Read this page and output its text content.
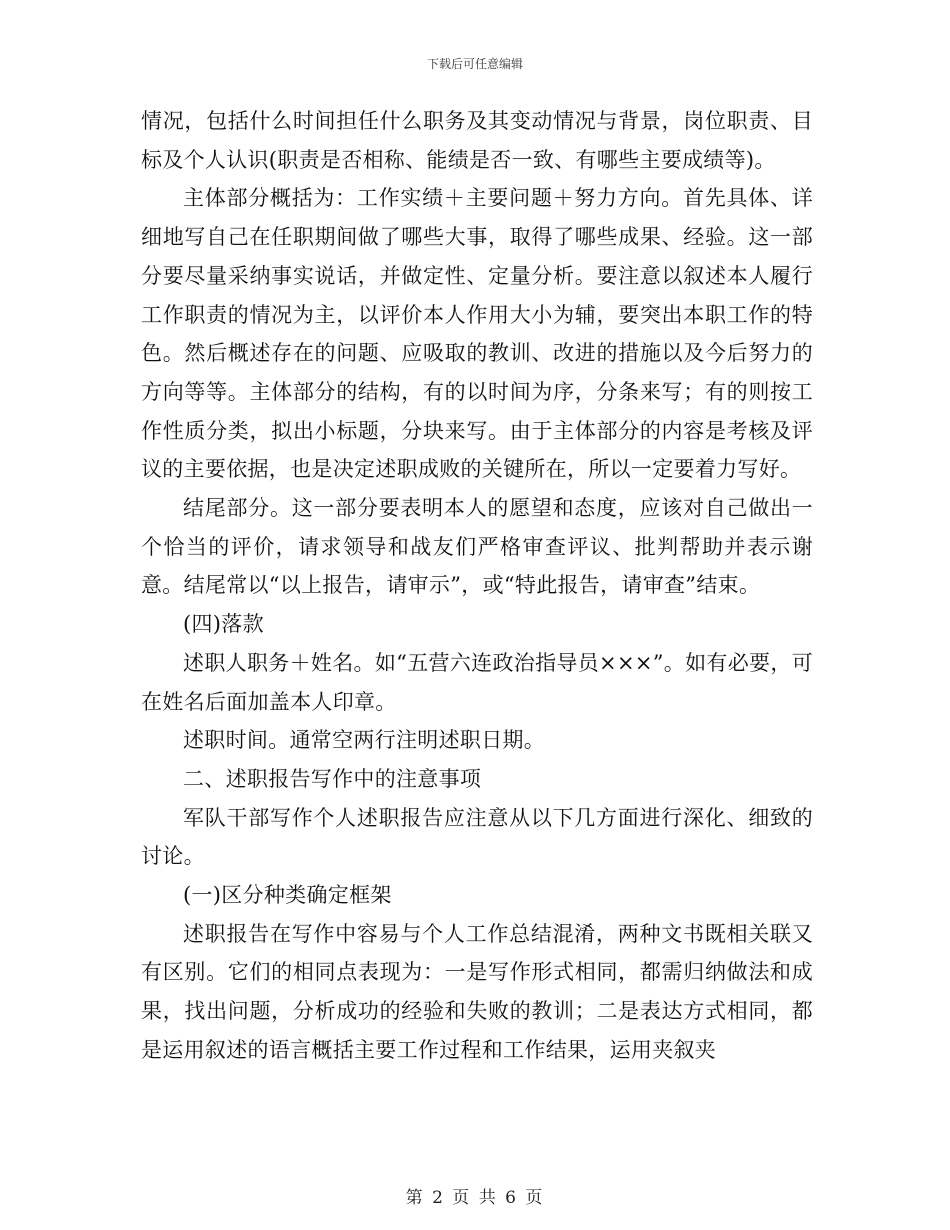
下载后可任意编辑

情况，包括什么时间担任什么职务及其变动情况与背景，岗位职责、目标及个人认识(职责是否相称、能绩是否一致、有哪些主要成绩等)。

主体部分概括为：工作实绩＋主要问题＋努力方向。首先具体、详细地写自己在任职期间做了哪些大事，取得了哪些成果、经验。这一部分要尽量采纳事实说话，并做定性、定量分析。要注意以叙述本人履行工作职责的情况为主，以评价本人作用大小为辅，要突出本职工作的特色。然后概述存在的问题、应吸取的教训、改进的措施以及今后努力的方向等等。主体部分的结构，有的以时间为序，分条来写；有的则按工作性质分类，拟出小标题，分块来写。由于主体部分的内容是考核及评议的主要依据，也是决定述职成败的关键所在，所以一定要着力写好。

结尾部分。这一部分要表明本人的愿望和态度，应该对自己做出一个恰当的评价，请求领导和战友们严格审查评议、批判帮助并表示谢意。结尾常以“以上报告，请审示”，或“特此报告，请审查”结束。

(四)落款

述职人职务＋姓名。如“五营六连政治指导员×××”。如有必要，可在姓名后面加盖本人印章。

述职时间。通常空两行注明述职日期。

二、述职报告写作中的注意事项

军队干部写作个人述职报告应注意从以下几方面进行深化、细致的讨论。

(一)区分种类确定框架

述职报告在写作中容易与个人工作总结混淆，两种文书既相关联又有区别。它们的相同点表现为：一是写作形式相同，都需归纳做法和成果，找出问题，分析成功的经验和失败的教训；二是表达方式相同，都是运用叙述的语言概括主要工作过程和工作结果，运用夹叙夹

第 2 页 共 6 页
